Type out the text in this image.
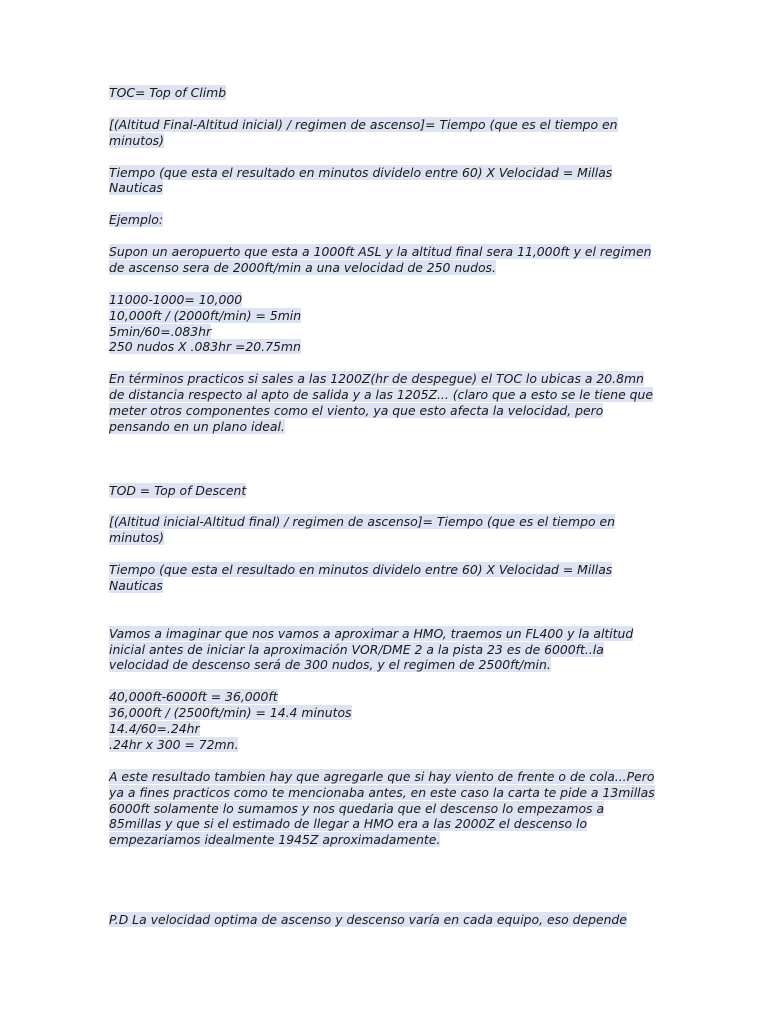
TOC= Top of Climb

[(Altitud Final-Altitud inicial) / regimen de ascenso]= Tiempo (que es el tiempo en minutos)

Tiempo (que esta el resultado en minutos dividelo entre 60) X Velocidad = Millas Nauticas

Ejemplo:

Supon un aeropuerto que esta a 1000ft ASL y la altitud final sera 11,000ft y el regimen de ascenso sera de 2000ft/min a una velocidad de 250 nudos.

11000-1000= 10,000
10,000ft / (2000ft/min) = 5min
5min/60=.083hr
250 nudos X .083hr =20.75mn

En términos practicos si sales a las 1200Z(hr de despegue) el TOC lo ubicas a 20.8mn de distancia respecto al apto de salida y a las 1205Z... (claro que a esto se le tiene que meter otros componentes como el viento, ya que esto afecta la velocidad, pero pensando en un plano ideal.

TOD = Top of Descent

[(Altitud inicial-Altitud final) / regimen de ascenso]= Tiempo (que es el tiempo en minutos)

Tiempo (que esta el resultado en minutos dividelo entre 60) X Velocidad = Millas Nauticas

Vamos a imaginar que nos vamos a aproximar a HMO, traemos un FL400 y la altitud inicial antes de iniciar la aproximación VOR/DME 2 a la pista 23 es de 6000ft..la velocidad de descenso será de 300 nudos, y el regimen de 2500ft/min.

40,000ft-6000ft = 36,000ft
36,000ft / (2500ft/min) = 14.4 minutos
14.4/60=.24hr
.24hr x 300 = 72mn.

A este resultado tambien hay que agregarle que si hay viento de frente o de cola...Pero ya a fines practicos como te mencionaba antes, en este caso la carta te pide a 13millas 6000ft solamente lo sumamos y nos quedaria que el descenso lo empezamos a 85millas y que si el estimado de llegar a HMO era a las 2000Z el descenso lo empezariamos idealmente 1945Z aproximadamente.

P.D La velocidad optima de ascenso y descenso varía en cada equipo, eso depende
